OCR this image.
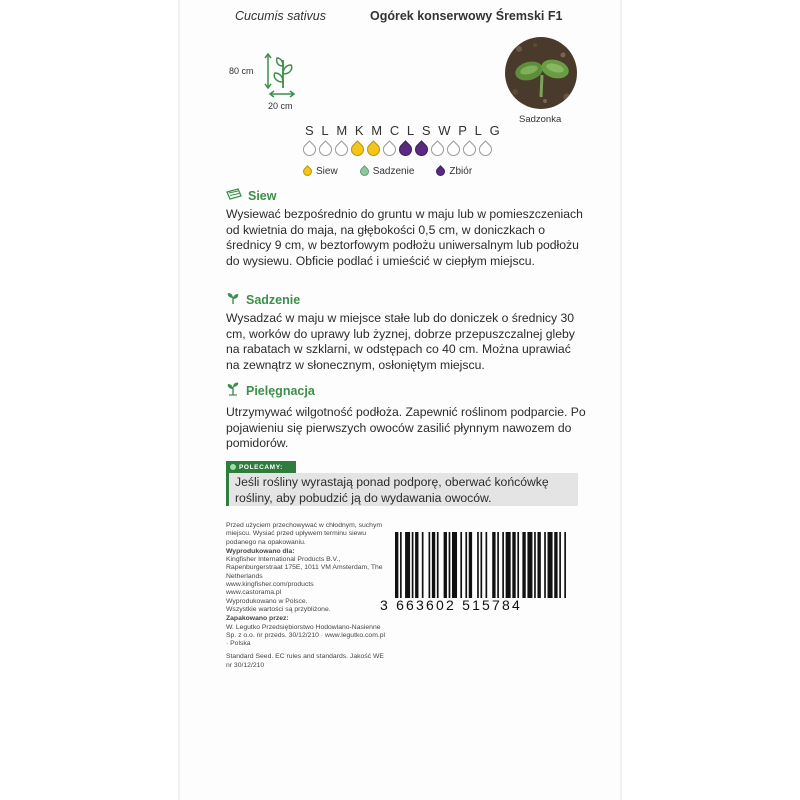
Cucumis sativus	Ogórek konserwowy Śremski F1
80 cm
20 cm
Sadzonka
S L M K M C L S W P L G
Siew	Sadzenie	Zbiór
Siew
Wysiewać bezpośrednio do gruntu w maju lub w pomieszczeniach od kwietnia do maja, na głębokości 0,5 cm, w doniczkach o średnicy 9 cm, w beztorfowym podłożu uniwersalnym lub podłożu do wysiewu. Obficie podlać i umieścić w ciepłym miejscu.
Sadzenie
Wysadzać w maju w miejsce stałe lub do doniczek o średnicy 30 cm, worków do uprawy lub żyznej, dobrze przepuszczalnej gleby na rabatach w szklarni, w odstępach co 40 cm. Można uprawiać na zewnątrz w słonecznym, osłoniętym miejscu.
Pielęgnacja
Utrzymywać wilgotność podłoża. Zapewnić roślinom podparcie. Po pojawieniu się pierwszych owoców zasilić płynnym nawozem do pomidorów.
POLECAMY:
Jeśli rośliny wyrastają ponad podporę, oberwać końcówkę rośliny, aby pobudzić ją do wydawania owoców.
Przed użyciem przechowywać w chłodnym, suchym miejscu. Wysiać przed upływem terminu siewu podanego na opakowaniu.
Wyprodukowano dla:
Kingfisher International Products B.V., Rapenburgerstraat 175E, 1011 VM Amsterdam, The Netherlands
www.kingfisher.com/products
www.castorama.pl
Wyprodukowano w Polsce.
Wszystkie wartości są przybliżone.
Zapakowano przez:
W. Legutko Przedsiębiorstwo Hodowlano-Nasienne Sp. z o.o. nr przeds. 30/12/210 · www.legutko.com.pl · Polska
Standard Seed. EC rules and standards. Jakość WE nr 30/12/210
3 663602 515784
